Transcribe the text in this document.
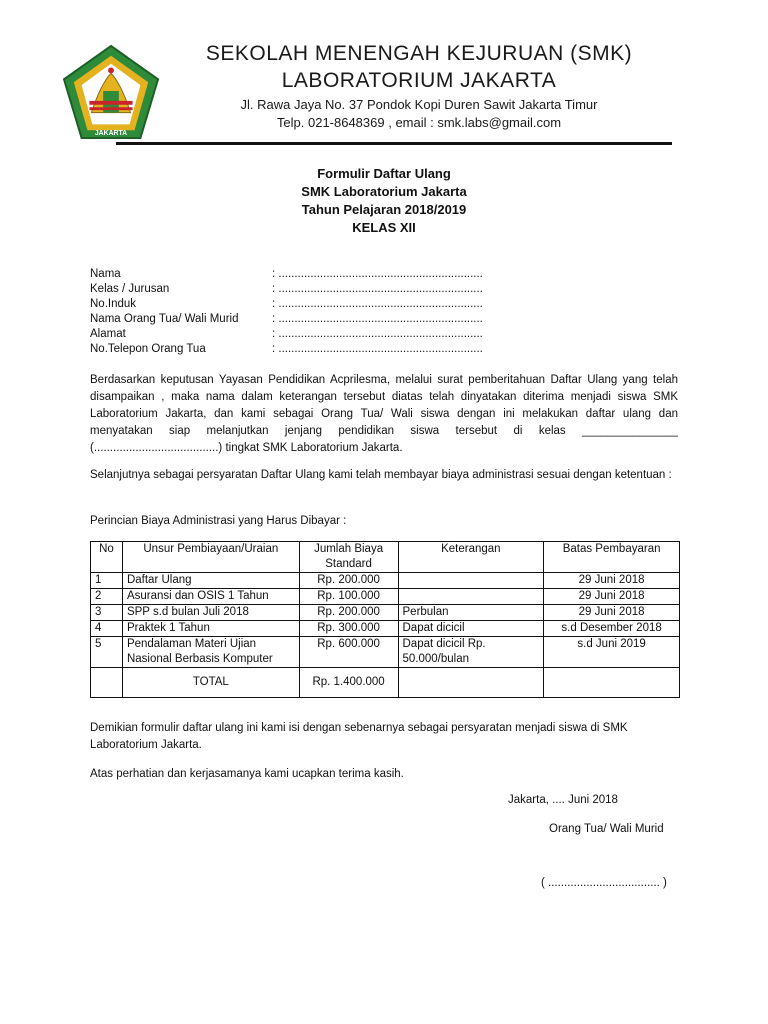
JAKARTA
SEKOLAH MENENGAH KEJURUAN (SMK)
LABORATORIUM JAKARTA
Jl. Rawa Jaya No. 37 Pondok Kopi Duren Sawit Jakarta Timur
Telp. 021-8648369 , email : smk.labs@gmail.com
Formulir Daftar Ulang
SMK Laboratorium Jakarta
Tahun Pelajaran 2018/2019
KELAS XII
Nama	: ................................................................
Kelas / Jurusan	: ................................................................
No.Induk	: ................................................................
Nama Orang Tua/ Wali Murid	: ................................................................
Alamat	: ................................................................
No.Telepon Orang Tua	: ................................................................
Berdasarkan keputusan Yayasan Pendidikan Acprilesma, melalui surat pemberitahuan Daftar Ulang yang telah disampaikan , maka nama dalam keterangan tersebut diatas telah dinyatakan diterima menjadi siswa SMK Laboratorium Jakarta, dan kami sebagai Orang Tua/ Wali siswa dengan ini melakukan daftar ulang dan menyatakan siap melanjutkan jenjang pendidikan siswa tersebut di kelas _______________ (.......................................) tingkat SMK Laboratorium Jakarta.
Selanjutnya sebagai persyaratan Daftar Ulang kami telah membayar biaya administrasi sesuai dengan ketentuan :
Perincian Biaya Administrasi yang Harus Dibayar :
No	Unsur Pembiayaan/Uraian	Jumlah Biaya Standard	Keterangan	Batas Pembayaran
1	Daftar Ulang	Rp. 200.000		29 Juni 2018
2	Asuransi dan OSIS 1 Tahun	Rp. 100.000		29 Juni 2018
3	SPP s.d bulan Juli 2018	Rp. 200.000	Perbulan	29 Juni 2018
4	Praktek 1 Tahun	Rp. 300.000	Dapat dicicil	s.d Desember 2018
5	Pendalaman Materi Ujian Nasional Berbasis Komputer	Rp. 600.000	Dapat dicicil Rp. 50.000/bulan	s.d Juni 2019
	TOTAL	Rp. 1.400.000		
Demikian formulir daftar ulang ini kami isi dengan sebenarnya sebagai persyaratan menjadi siswa di SMK Laboratorium Jakarta.
Atas perhatian dan kerjasamanya kami ucapkan terima kasih.
Jakarta, .... Juni 2018
Orang Tua/ Wali Murid
( ................................... )
